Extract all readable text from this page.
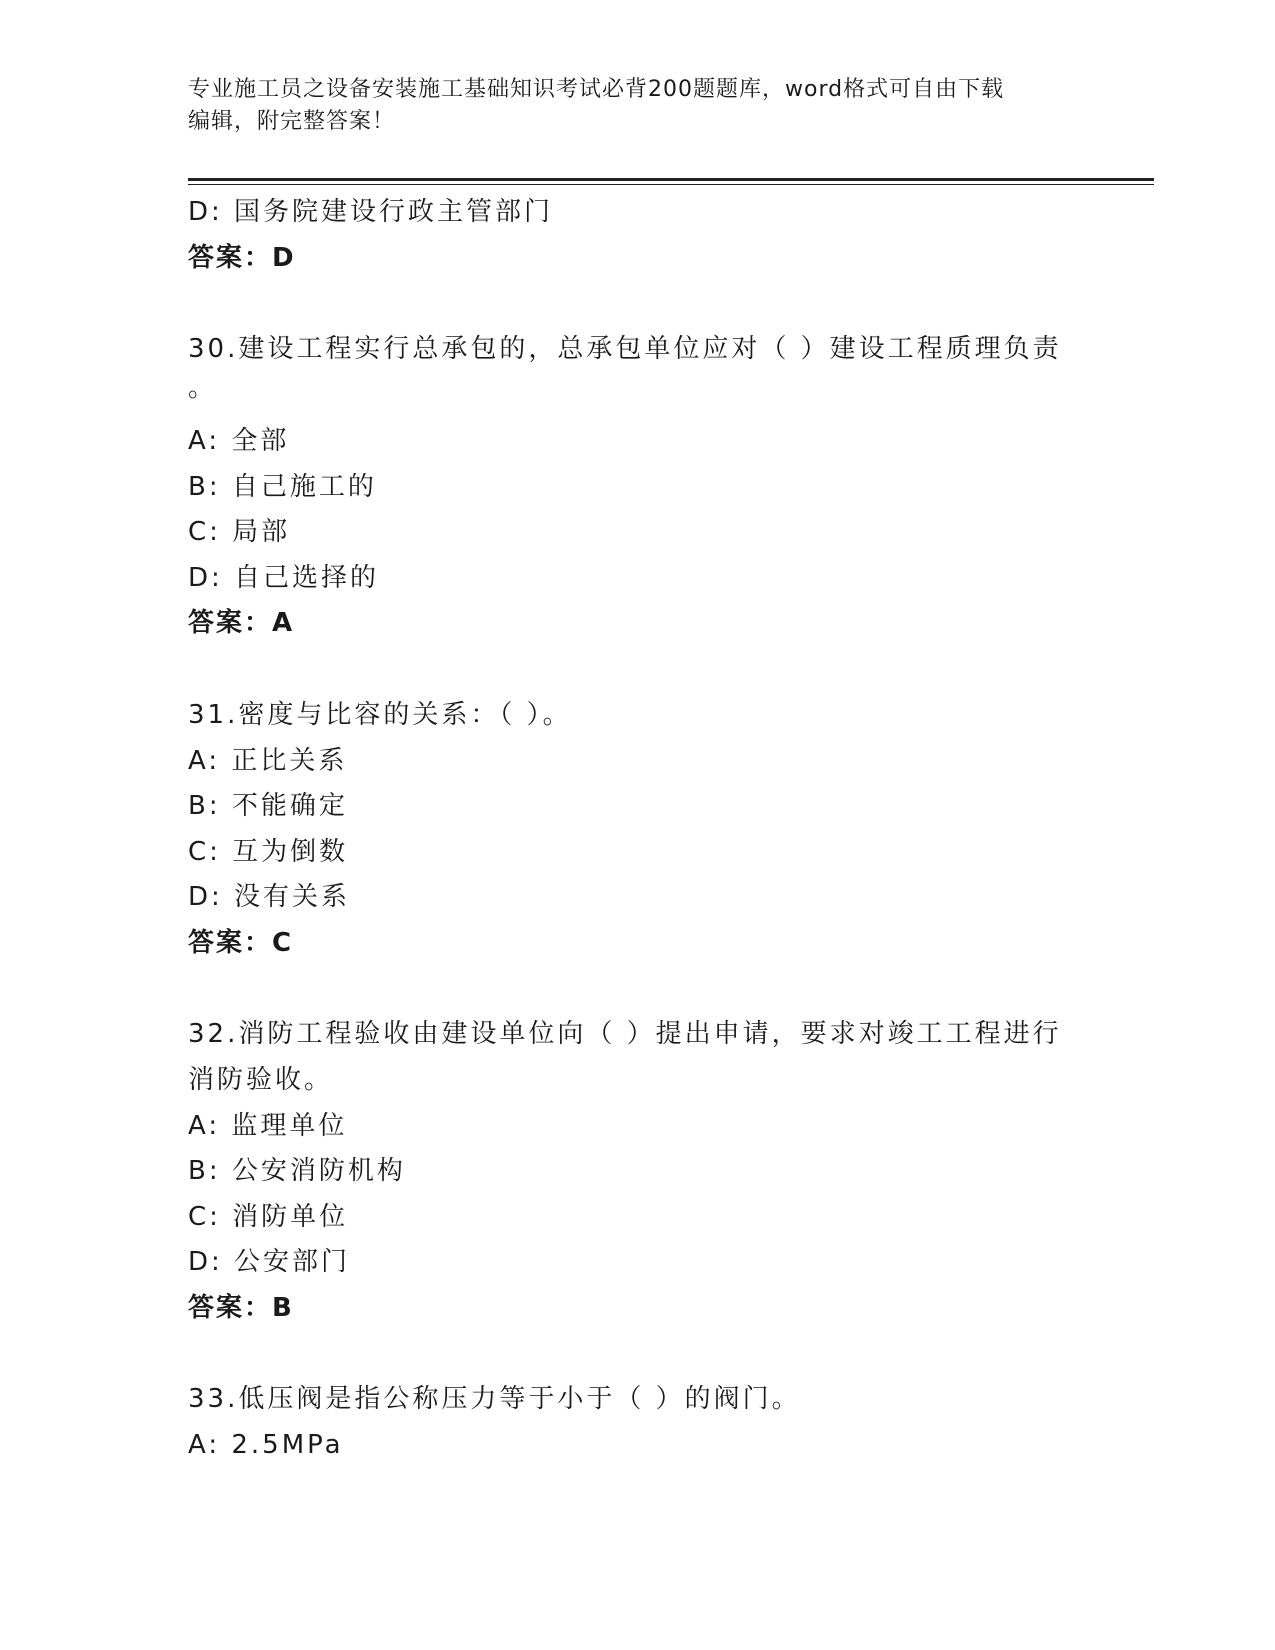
专业施工员之设备安装施工基础知识考试必背200题题库，word格式可自由下载
编辑，附完整答案！
D: 国务院建设行政主管部门
答案：D
30.建设工程实行总承包的，总承包单位应对（ ）建设工程质理负责
。
A: 全部
B: 自己施工的
C: 局部
D: 自己选择的
答案：A
31.密度与比容的关系：（ ）。
A: 正比关系
B: 不能确定
C: 互为倒数
D: 没有关系
答案：C
32.消防工程验收由建设单位向（ ）提出申请，要求对竣工工程进行
消防验收。
A: 监理单位
B: 公安消防机构
C: 消防单位
D: 公安部门
答案：B
33.低压阀是指公称压力等于小于（ ）的阀门。
A: 2.5MPa
